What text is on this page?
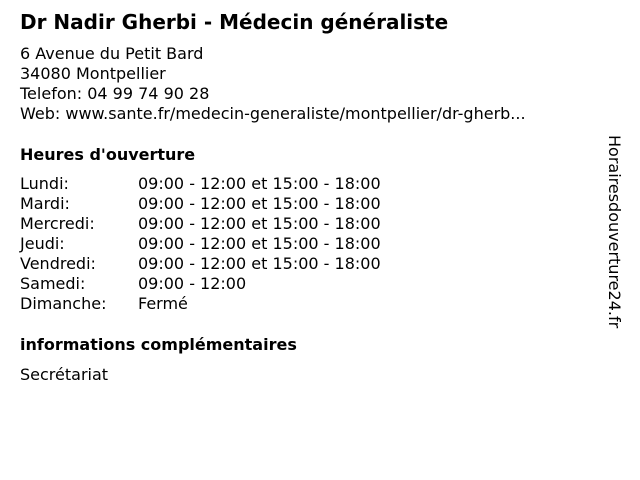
Dr Nadir Gherbi - Médecin généraliste
6 Avenue du Petit Bard
34080 Montpellier
Telefon: 04 99 74 90 28
Web: www.sante.fr/medecin-generaliste/montpellier/dr-gherb...
Heures d'ouverture
Lundi:	09:00 - 12:00 et 15:00 - 18:00
Mardi:	09:00 - 12:00 et 15:00 - 18:00
Mercredi:	09:00 - 12:00 et 15:00 - 18:00
Jeudi:	09:00 - 12:00 et 15:00 - 18:00
Vendredi:	09:00 - 12:00 et 15:00 - 18:00
Samedi:	09:00 - 12:00
Dimanche:	Fermé
informations complémentaires
Secrétariat
Horairesdouverture24.fr
